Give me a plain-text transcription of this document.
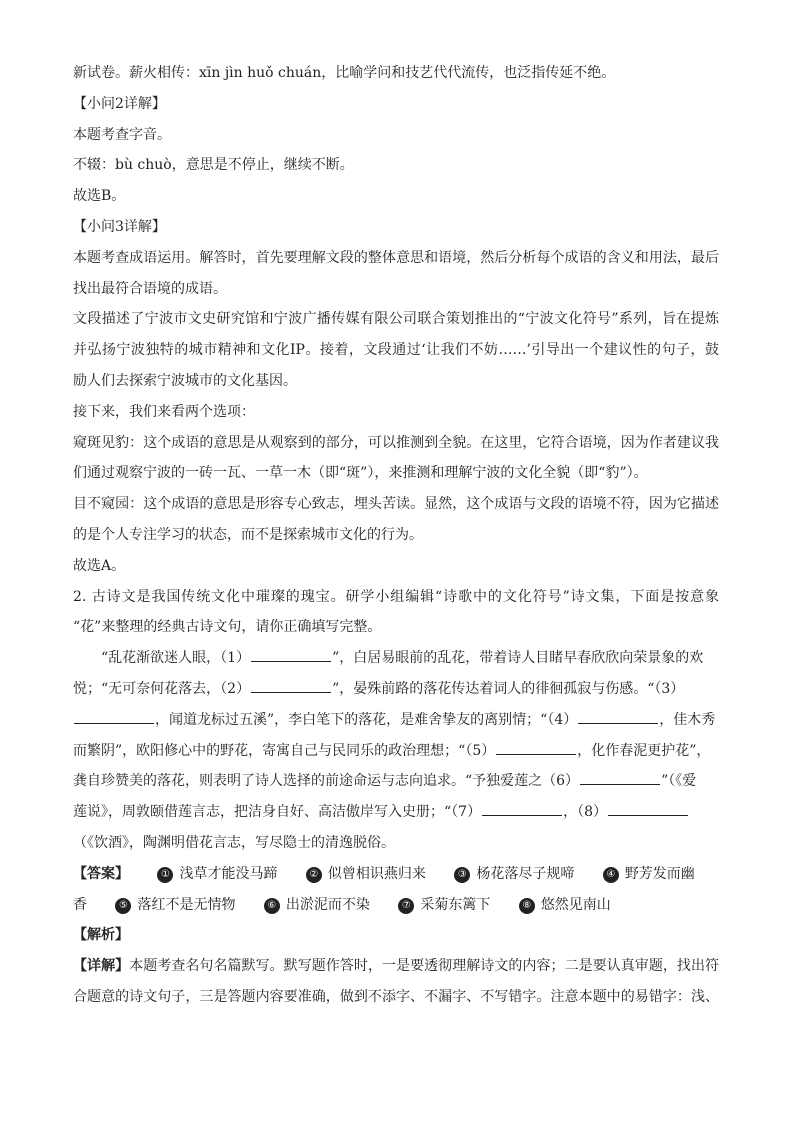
新试卷。薪火相传：xīn jìn huǒ chuán，比喻学问和技艺代代流传，也泛指传延不绝。
【小问2详解】
本题考查字音。
不辍：bù chuò，意思是不停止，继续不断。
故选B。
【小问3详解】
本题考查成语运用。解答时，首先要理解文段的整体意思和语境，然后分析每个成语的含义和用法，最后
找出最符合语境的成语。
文段描述了宁波市文史研究馆和宁波广播传媒有限公司联合策划推出的“宁波文化符号”系列，旨在提炼
并弘扬宁波独特的城市精神和文化IP。接着，文段通过‘让我们不妨……’引导出一个建议性的句子，鼓
励人们去探索宁波城市的文化基因。
接下来，我们来看两个选项：
窥斑见豹：这个成语的意思是从观察到的部分，可以推测到全貌。在这里，它符合语境，因为作者建议我
们通过观察宁波的一砖一瓦、一草一木（即“斑”），来推测和理解宁波的文化全貌（即“豹”）。
目不窥园：这个成语的意思是形容专心致志，埋头苦读。显然，这个成语与文段的语境不符，因为它描述
的是个人专注学习的状态，而不是探索城市文化的行为。
故选A。
2. 古诗文是我国传统文化中璀璨的瑰宝。研学小组编辑“诗歌中的文化符号”诗文集，下面是按意象
“花”来整理的经典古诗文句，请你正确填写完整。
“乱花渐欲迷人眼，（1）	”，白居易眼前的乱花，带着诗人目睹早春欣欣向荣景象的欢
悦；“无可奈何花落去，（2）	”，晏殊前路的落花传达着词人的徘徊孤寂与伤感。“（3）
，闻道龙标过五溪”，李白笔下的落花，是难舍挚友的离别情；“（4）	，佳木秀
而繁阴”，欧阳修心中的野花，寄寓自己与民同乐的政治理想；“（5）	，化作春泥更护花”，
龚自珍赞美的落花，则表明了诗人选择的前途命运与志向追求。“予独爱莲之（6）	”（《爱
莲说》，周敦颐借莲言志，把洁身自好、高洁傲岸写入史册；“（7）	，（8）
（《饮酒》，陶渊明借花言志，写尽隐士的清逸脱俗。
【答案】	① 浅草才能没马蹄	② 似曾相识燕归来	③ 杨花落尽子规啼	④ 野芳发而幽
香	⑤ 落红不是无情物	⑥ 出淤泥而不染	⑦ 采菊东篱下	⑧ 悠然见南山
【解析】
【详解】本题考查名句名篇默写。默写题作答时，一是要透彻理解诗文的内容；二是要认真审题，找出符
合题意的诗文句子，三是答题内容要准确，做到不添字、不漏字、不写错字。注意本题中的易错字：浅、
